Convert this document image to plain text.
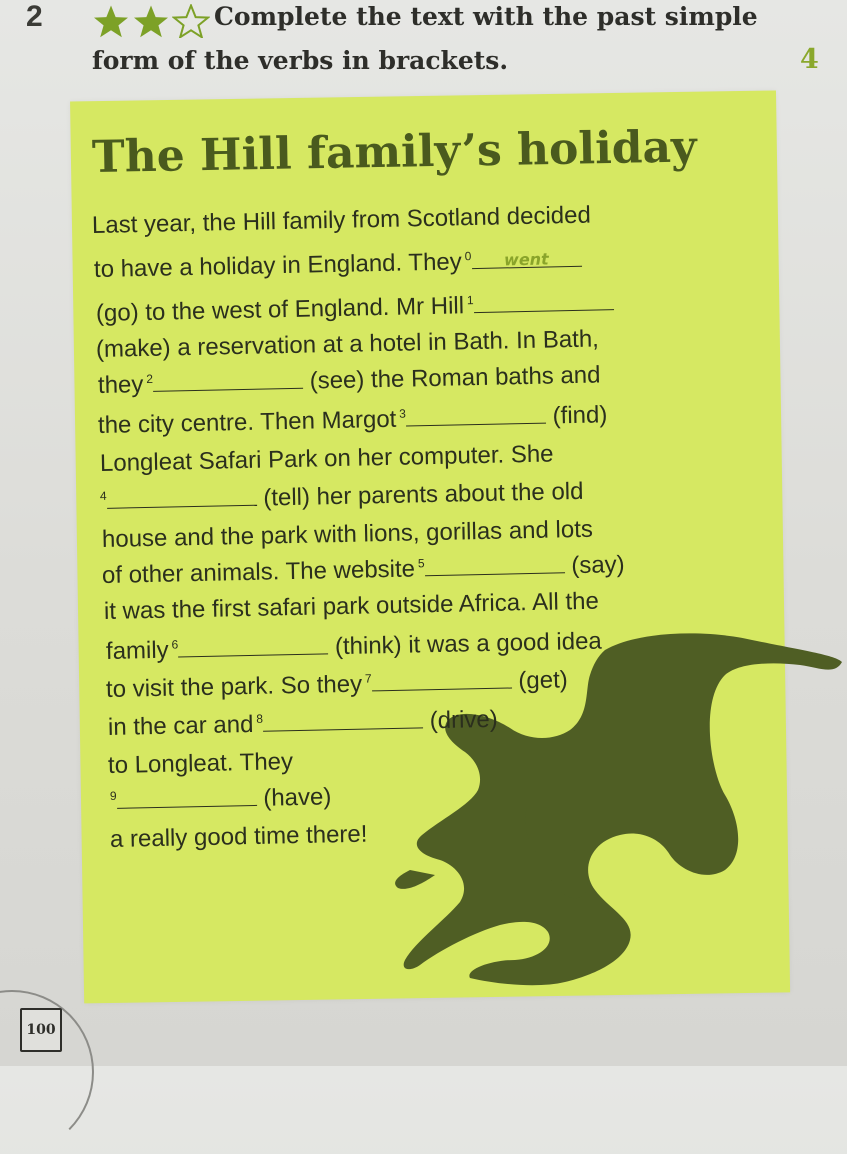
2	Complete the text with the past simple
form of the verbs in brackets.	4
The Hill family’s holiday
Last year, the Hill family from Scotland decided
to have a holiday in England. They $^0$ went
(go) to the west of England. Mr Hill $^1$
(make) a reservation at a hotel in Bath. In Bath,
they $^2$	(see) the Roman baths and
the city centre. Then Margot $^3$	(find)
Longleat Safari Park on her computer. She
$^4$	(tell) her parents about the old
house and the park with lions, gorillas and lots
of other animals. The website $^5$	(say)
it was the first safari park outside Africa. All the
family $^6$	(think) it was a good idea
to visit the park. So they $^7$	(get)
in the car and $^8$	(drive)
to Longleat. They
$^9$	(have)
a really good time there!
100
